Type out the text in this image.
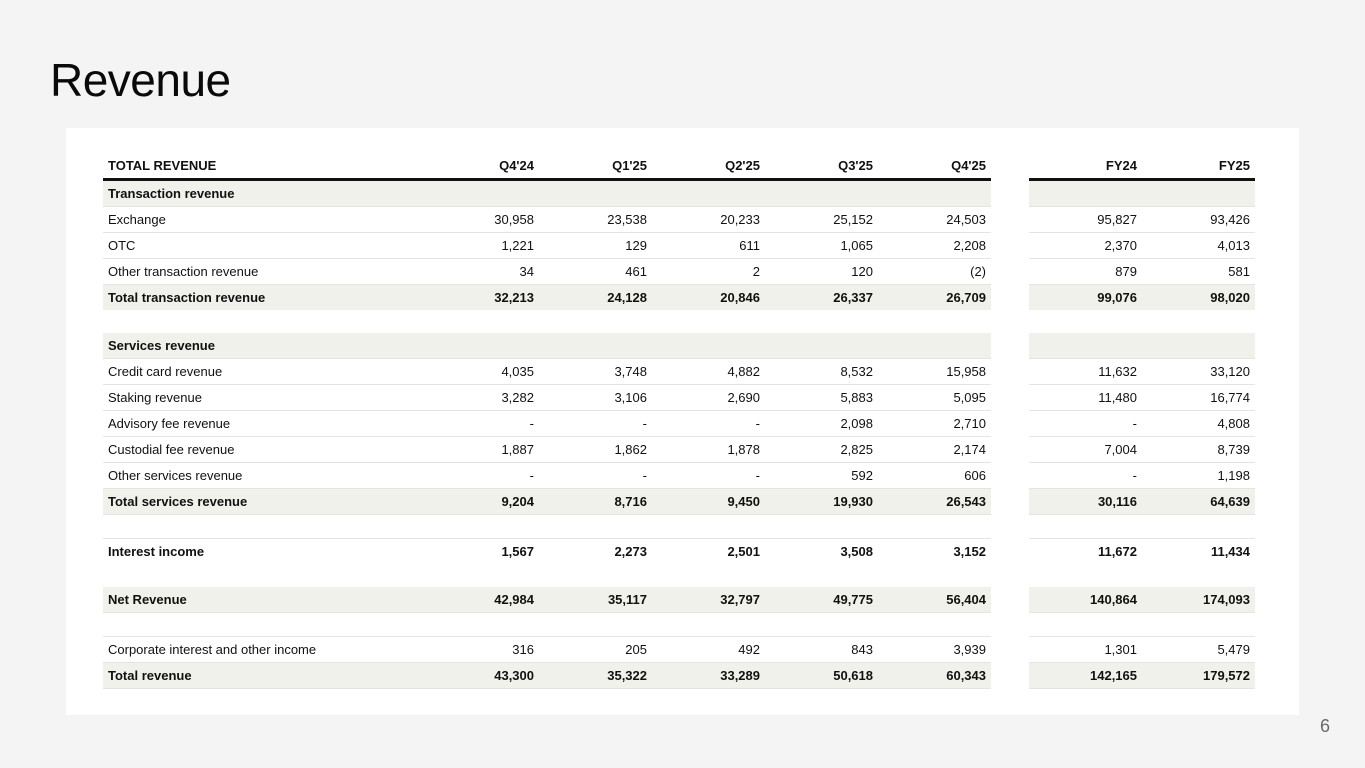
Revenue
TOTAL REVENUE	Q4'24	Q1'25	Q2'25	Q3'25	Q4'25		FY24	FY25
Transaction revenue								
Exchange	30,958	23,538	20,233	25,152	24,503		95,827	93,426
OTC	1,221	129	611	1,065	2,208		2,370	4,013
Other transaction revenue	34	461	2	120	(2)		879	581
Total transaction revenue	32,213	24,128	20,846	26,337	26,709		99,076	98,020

Services revenue								
Credit card revenue	4,035	3,748	4,882	8,532	15,958		11,632	33,120
Staking revenue	3,282	3,106	2,690	5,883	5,095		11,480	16,774
Advisory fee revenue	-	-	-	2,098	2,710		-	4,808
Custodial fee revenue	1,887	1,862	1,878	2,825	2,174		7,004	8,739
Other services revenue	-	-	-	592	606		-	1,198
Total services revenue	9,204	8,716	9,450	19,930	26,543		30,116	64,639

Interest income	1,567	2,273	2,501	3,508	3,152		11,672	11,434

Net Revenue	42,984	35,117	32,797	49,775	56,404		140,864	174,093

Corporate interest and other income	316	205	492	843	3,939		1,301	5,479
Total revenue	43,300	35,322	33,289	50,618	60,343		142,165	179,572
6
